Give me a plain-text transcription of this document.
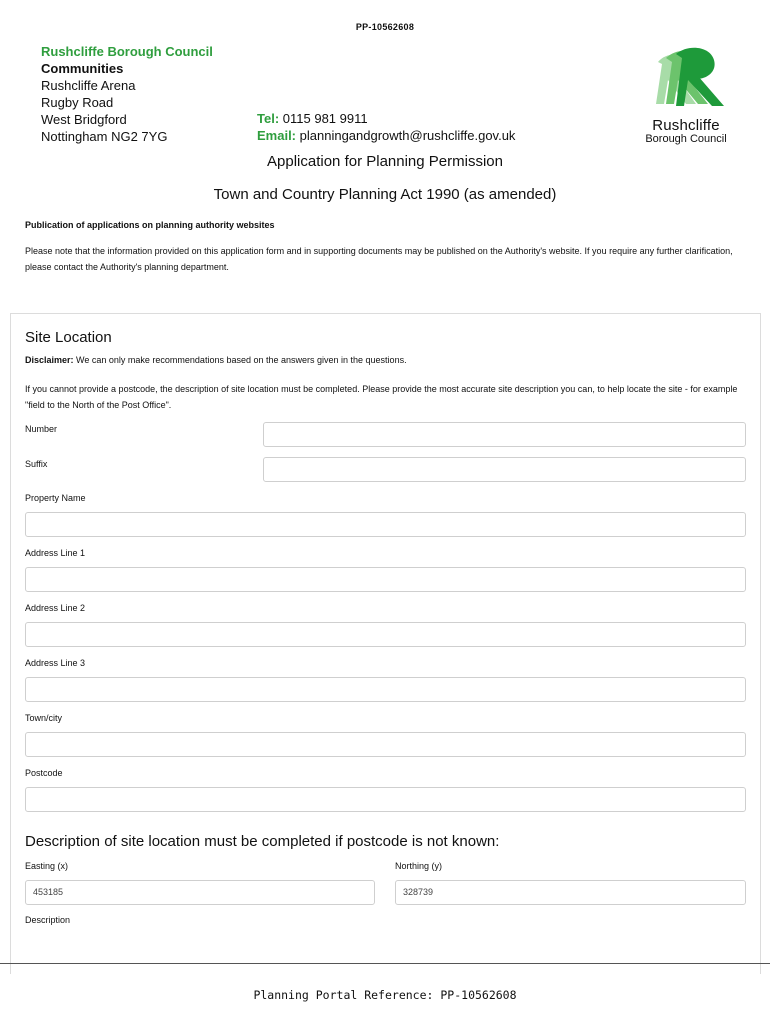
PP-10562608
Rushcliffe Borough Council
Communities
Rushcliffe Arena
Rugby Road
West Bridgford
Nottingham NG2 7YG
Tel: 0115 981 9911
Email: planningandgrowth@rushcliffe.gov.uk
Rushcliffe
Borough Council
Application for Planning Permission
Town and Country Planning Act 1990 (as amended)
Publication of applications on planning authority websites
Please note that the information provided on this application form and in supporting documents may be published on the Authority's website. If you require any further clarification, please contact the Authority's planning department.
Site Location
Disclaimer: We can only make recommendations based on the answers given in the questions.
If you cannot provide a postcode, the description of site location must be completed. Please provide the most accurate site description you can, to help locate the site - for example "field to the North of the Post Office".
Number
Suffix
Property Name
Address Line 1
Address Line 2
Address Line 3
Town/city
Postcode
Description of site location must be completed if postcode is not known:
Easting (x)
453185
Northing (y)
328739
Description
Planning Portal Reference: PP-10562608
